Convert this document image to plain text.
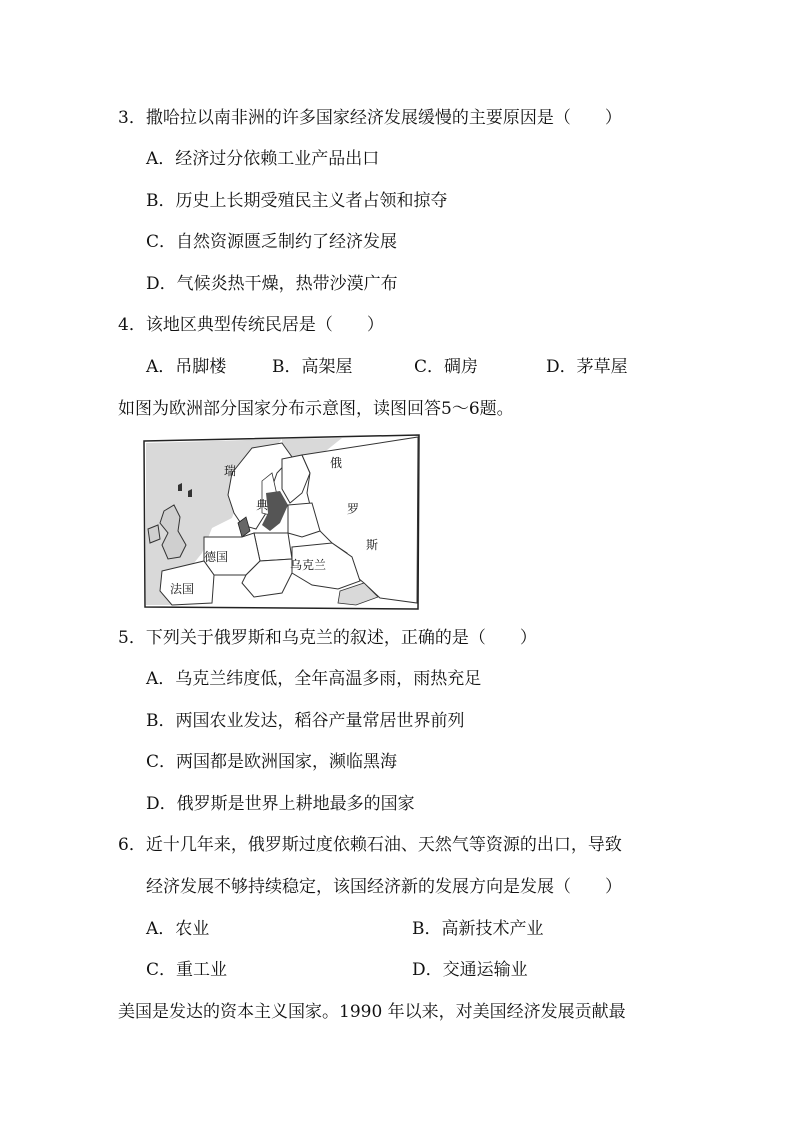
3．撒哈拉以南非洲的许多国家经济发展缓慢的主要原因是（　　）
A．经济过分依赖工业产品出口
B．历史上长期受殖民主义者占领和掠夺
C．自然资源匮乏制约了经济发展
D．气候炎热干燥，热带沙漠广布
4．该地区典型传统民居是（　　）
A．吊脚楼	B．高架屋	C．碉房	D．茅草屋
如图为欧洲部分国家分布示意图，读图回答5～6题。
瑞
典
俄
罗
斯
德国
乌克兰
法国
5．下列关于俄罗斯和乌克兰的叙述，正确的是（　　）
A．乌克兰纬度低，全年高温多雨，雨热充足
B．两国农业发达，稻谷产量常居世界前列
C．两国都是欧洲国家，濒临黑海
D．俄罗斯是世界上耕地最多的国家
6．近十几年来，俄罗斯过度依赖石油、天然气等资源的出口，导致
经济发展不够持续稳定，该国经济新的发展方向是发展（　　）
A．农业	B．高新技术产业
C．重工业	D．交通运输业
美国是发达的资本主义国家。1990 年以来，对美国经济发展贡献最
